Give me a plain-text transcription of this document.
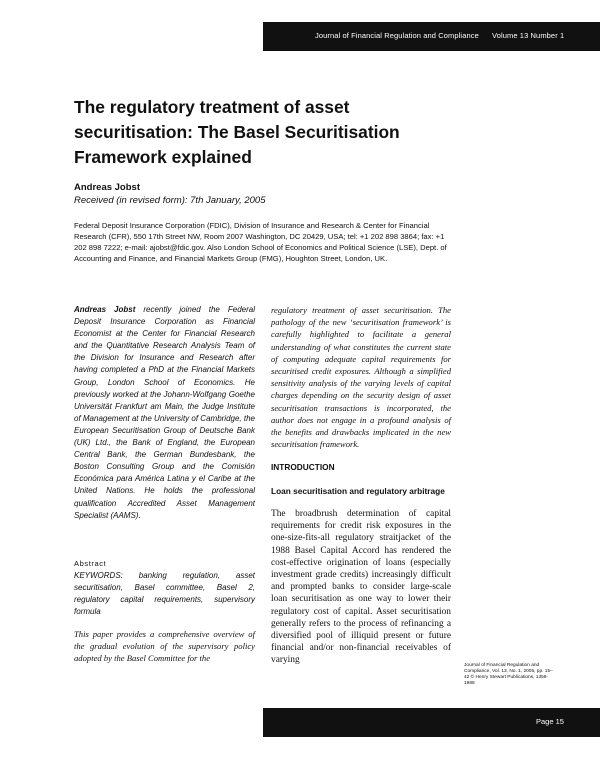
Journal of Financial Regulation and Compliance Volume 13 Number 1
The regulatory treatment of asset securitisation: The Basel Securitisation Framework explained
Andreas Jobst
Received (in revised form): 7th January, 2005

Federal Deposit Insurance Corporation (FDIC), Division of Insurance and Research & Center for Financial Research (CFR), 550 17th Street NW, Room 2007 Washington, DC 20429, USA; tel: +1 202 898 3864; fax: +1 202 898 7222; e-mail: ajobst@fdic.gov. Also London School of Economics and Political Science (LSE), Dept. of Accounting and Finance, and Financial Markets Group (FMG), Houghton Street, London, UK.

Andreas Jobst recently joined the Federal Deposit Insurance Corporation as Financial Economist at the Center for Financial Research and the Quantitative Research Analysis Team of the Division for Insurance and Research after having completed a PhD at the Financial Markets Group, London School of Economics. He previously worked at the Johann-Wolfgang Goethe Universität Frankfurt am Main, the Judge Institute of Management at the University of Cambridge, the European Securitisation Group of Deutsche Bank (UK) Ltd., the Bank of England, the European Central Bank, the German Bundesbank, the Boston Consulting Group and the Comisión Económica para América Latina y el Caribe at the United Nations. He holds the professional qualification Accredited Asset Management Specialist (AAMS).

Abstract

KEYWORDS: banking regulation, asset securitisation, Basel committee, Basel 2, regulatory capital requirements, supervisory formula

This paper provides a comprehensive overview of the gradual evolution of the supervisory policy adopted by the Basel Committee for the

regulatory treatment of asset securitisation. The pathology of the new ‘securitisation framework’ is carefully highlighted to facilitate a general understanding of what constitutes the current state of computing adequate capital requirements for securitised credit exposures. Although a simplified sensitivity analysis of the varying levels of capital charges depending on the security design of asset securitisation transactions is incorporated, the author does not engage in a profound analysis of the benefits and drawbacks implicated in the new securitisation framework.

INTRODUCTION

Loan securitisation and regulatory arbitrage

The broadbrush determination of capital requirements for credit risk exposures in the one-size-fits-all regulatory straitjacket of the 1988 Basel Capital Accord has rendered the cost-effective origination of loans (especially investment grade credits) increasingly difficult and prompted banks to consider large-scale loan securitisation as one way to lower their regulatory cost of capital. Asset securitisation generally refers to the process of refinancing a diversified pool of illiquid present or future financial and/or non-financial receivables of varying

Journal of Financial Regulation and Compliance, Vol. 13, No. 1, 2005, pp. 15–42 © Henry Stewart Publications, 1358-1988

Page 15
